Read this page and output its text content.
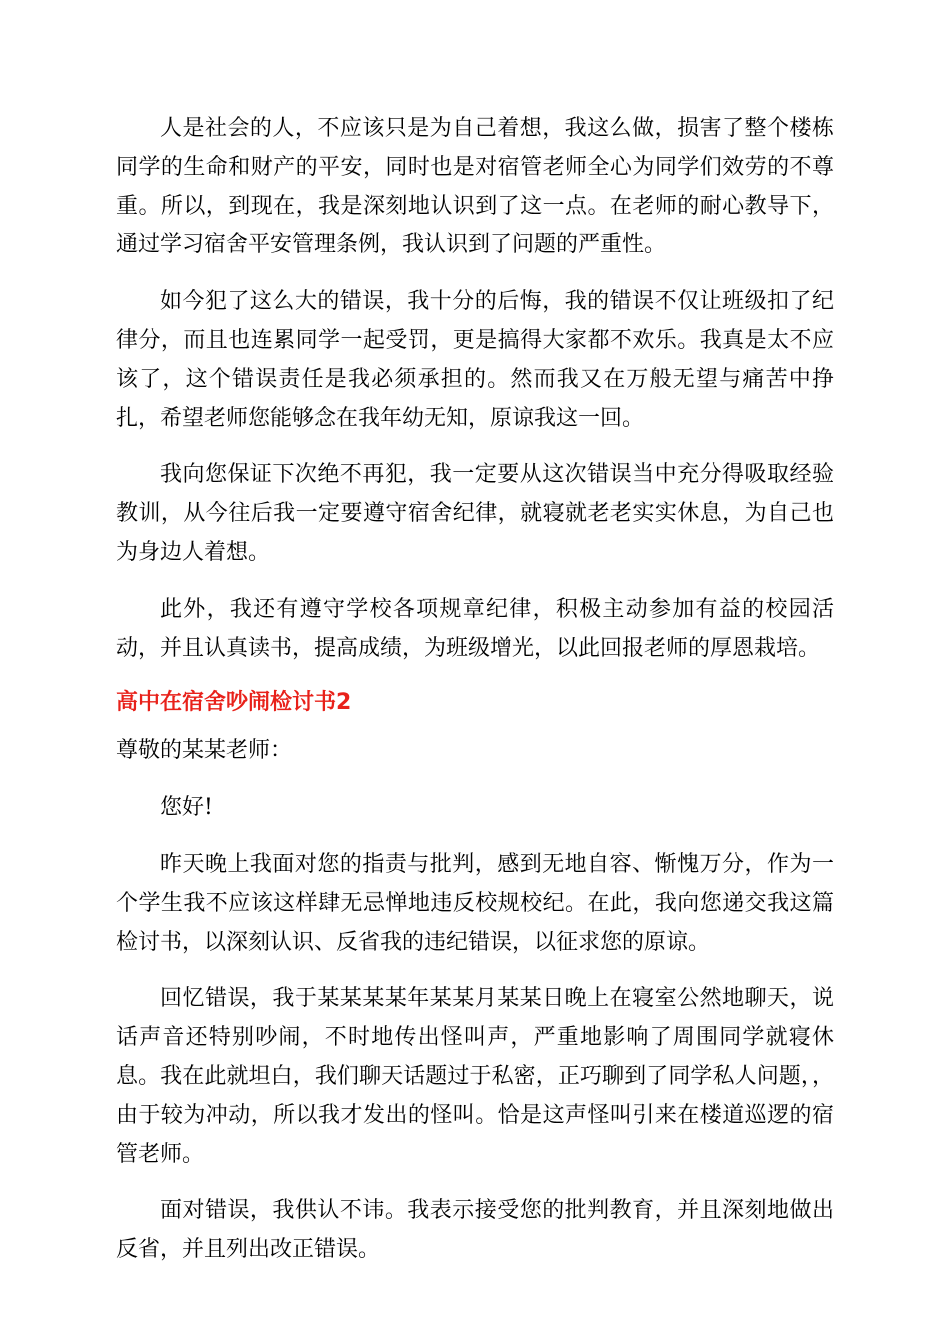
人是社会的人，不应该只是为自己着想，我这么做，损害了整个楼栋同学的生命和财产的平安，同时也是对宿管老师全心为同学们效劳的不尊重。所以，到现在，我是深刻地认识到了这一点。在老师的耐心教导下，通过学习宿舍平安管理条例，我认识到了问题的严重性。

如今犯了这么大的错误，我十分的后悔，我的错误不仅让班级扣了纪律分，而且也连累同学一起受罚，更是搞得大家都不欢乐。我真是太不应该了，这个错误责任是我必须承担的。然而我又在万般无望与痛苦中挣扎，希望老师您能够念在我年幼无知，原谅我这一回。

我向您保证下次绝不再犯，我一定要从这次错误当中充分得吸取经验教训，从今往后我一定要遵守宿舍纪律，就寝就老老实实休息，为自己也为身边人着想。

此外，我还有遵守学校各项规章纪律，积极主动参加有益的校园活动，并且认真读书，提高成绩，为班级增光，以此回报老师的厚恩栽培。

高中在宿舍吵闹检讨书2

尊敬的某某老师：

您好!

昨天晚上我面对您的指责与批判，感到无地自容、惭愧万分，作为一个学生我不应该这样肆无忌惮地违反校规校纪。在此，我向您递交我这篇检讨书，以深刻认识、反省我的违纪错误，以征求您的原谅。

回忆错误，我于某某某某年某某月某某日晚上在寝室公然地聊天，说话声音还特别吵闹，不时地传出怪叫声，严重地影响了周围同学就寝休息。我在此就坦白，我们聊天话题过于私密，正巧聊到了同学私人问题，，由于较为冲动，所以我才发出的怪叫。恰是这声怪叫引来在楼道巡逻的宿管老师。

面对错误，我供认不讳。我表示接受您的批判教育，并且深刻地做出反省，并且列出改正错误。
